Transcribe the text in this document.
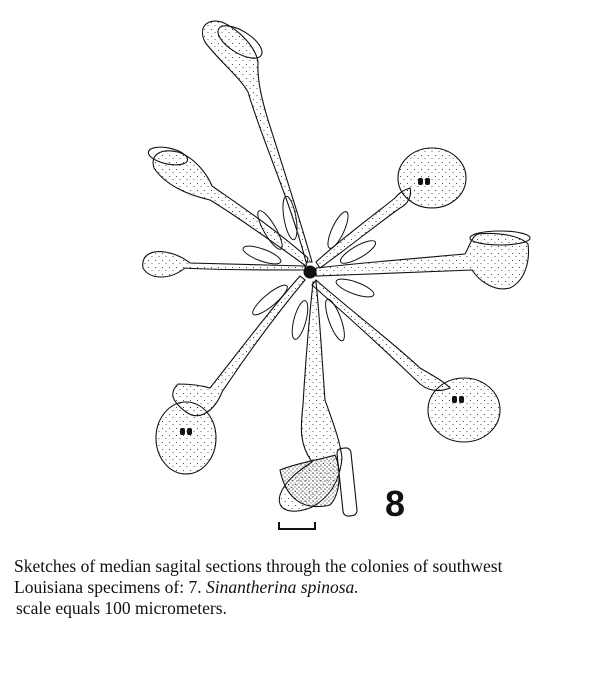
8
Sketches of median sagital sections through the colonies of southwest
Louisiana specimens of: 7. Sinantherina spinosa.
scale equals 100 micrometers.
